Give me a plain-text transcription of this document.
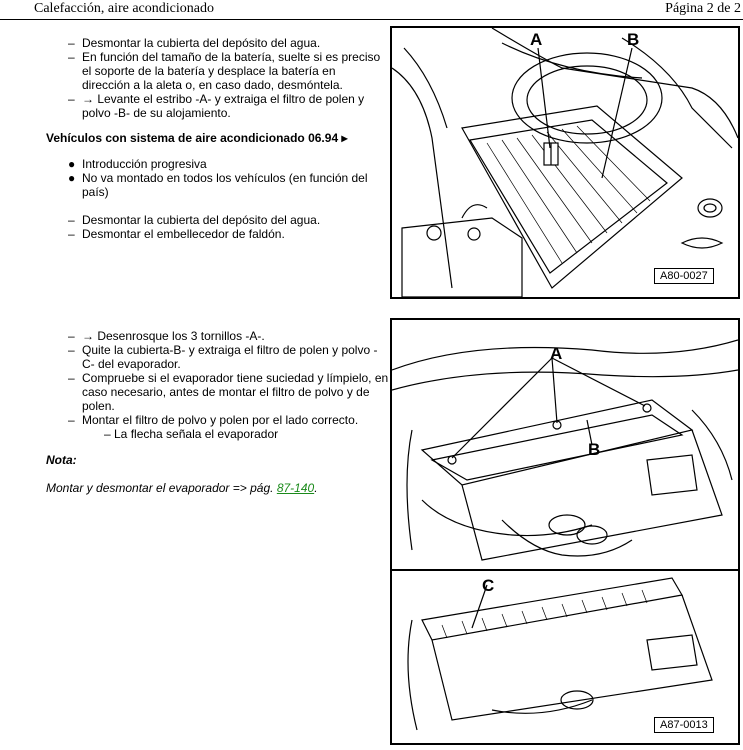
Calefacción, aire acondicionado	Página 2 de 2
– Desmontar la cubierta del depósito del agua.
– En función del tamaño de la batería, suelte si es preciso el soporte de la batería y desplace la batería en dirección a la aleta o, en caso dado, desmóntela.
– → Levante el estribo -A- y extraiga el filtro de polen y polvo -B- de su alojamiento.
Vehículos con sistema de aire acondicionado 06.94 ▸
● Introducción progresiva
● No va montado en todos los vehículos (en función del país)
– Desmontar la cubierta del depósito del agua.
– Desmontar el embellecedor de faldón.
– → Desenrosque los 3 tornillos -A-.
– Quite la cubierta-B- y extraiga el filtro de polen y polvo - C- del evaporador.
– Compruebe si el evaporador tiene suciedad y límpielo, en caso necesario, antes de montar el filtro de polvo y de polen.
– Montar el filtro de polvo y polen por el lado correcto.
– La flecha señala el evaporador
Nota:
Montar y desmontar el evaporador => pág. 87-140.
A	B
A80-0027
A
B
C
A87-0013
